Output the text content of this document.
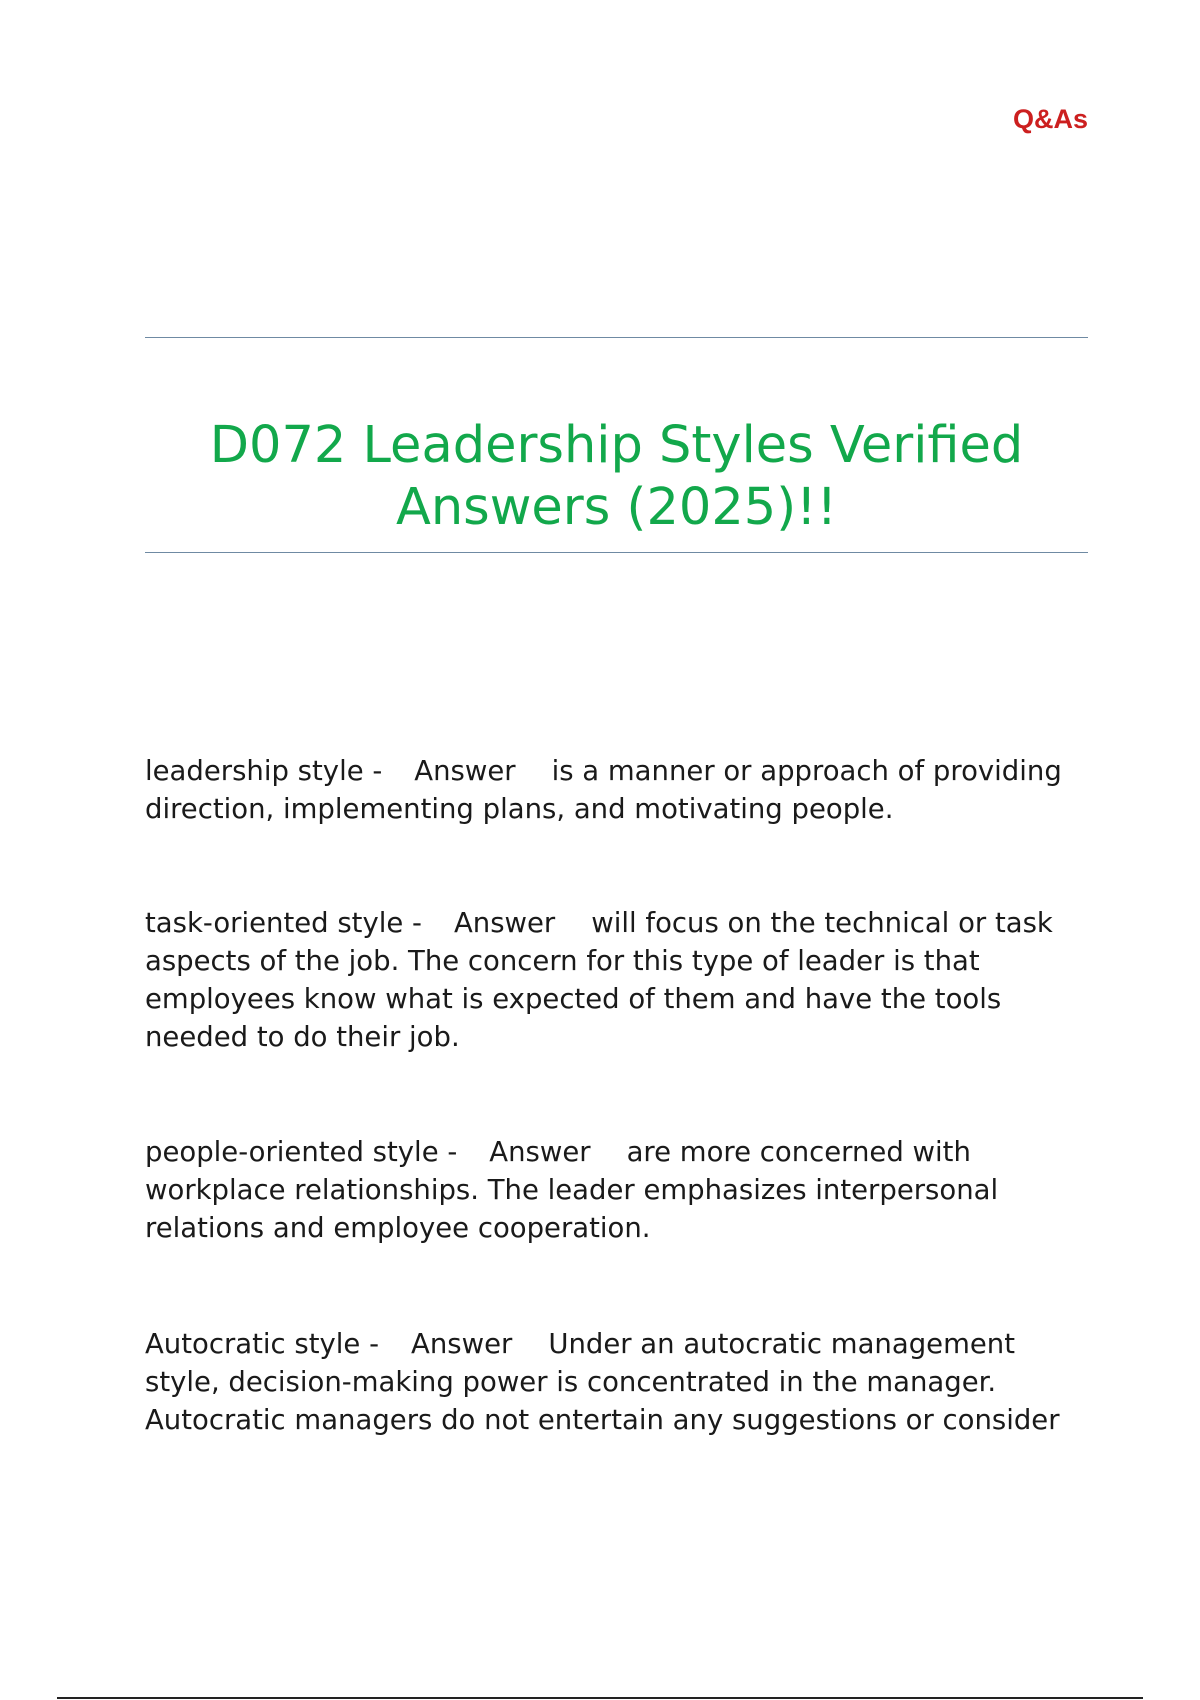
Q&As
D072 Leadership Styles Verified Answers (2025)!!

leadership style - Answer is a manner or approach of providing direction, implementing plans, and motivating people.

task-oriented style - Answer will focus on the technical or task aspects of the job. The concern for this type of leader is that employees know what is expected of them and have the tools needed to do their job.

people-oriented style - Answer are more concerned with workplace relationships. The leader emphasizes interpersonal relations and employee cooperation.

Autocratic style - Answer Under an autocratic management style, decision-making power is concentrated in the manager. Autocratic managers do not entertain any suggestions or consider
